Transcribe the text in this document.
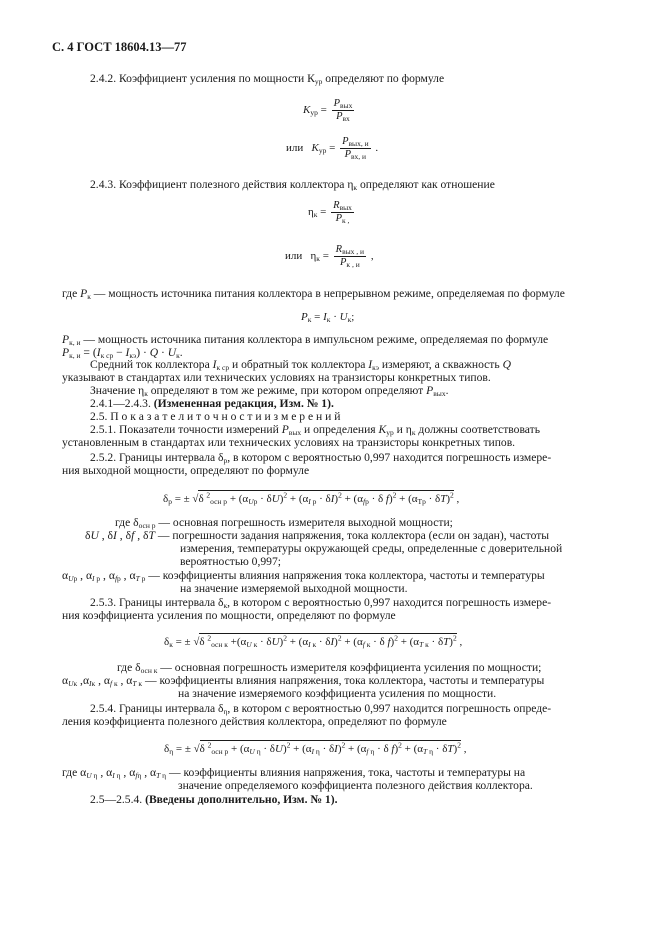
С. 4 ГОСТ 18604.13—77
2.4.2. Коэффициент усиления по мощности $К_{ур}$ определяют по формуле
$K_{ур} = \frac{P_{вых}}{P_{вх}}$
или $K_{ур} = \frac{P_{вых, и}}{P_{вх, и}}$ .
2.4.3. Коэффициент полезного действия коллектора $\eta_к$ определяют как отношение
$\eta_к = \frac{R_{вых}}{P_{к ,}}$
или $\eta_к = \frac{R_{вых , и}}{P_{к , и}}$ ,
где $P_к$ — мощность источника питания коллектора в непрерывном режиме, определяемая по формуле
$P_к = I_к \cdot U_к$;
$P_{к, и}$ — мощность источника питания коллектора в импульсном режиме, определяемая по формуле
$P_{к, и} = (I_{к ср} - I_{кэ}) \cdot Q \cdot U_к$.
Средний ток коллектора $I_{к ср}$ и обратный ток коллектора $I_{кэ}$ измеряют, а скважность Q
указывают в стандартах или технических условиях на транзисторы конкретных типов.
Значение $\eta_к$ определяют в том же режиме, при котором определяют $P_{вых}$.
2.4.1—2.4.3. (Измененная редакция, Изм. № 1).
2.5. П о к а з а т е л и т о ч н о с т и и з м е р е н и й
2.5.1. Показатели точности измерений $P_{вых}$ и определения $K_{ур}$ и $\eta_к$ должны соответствовать
установленным в стандартах или технических условиях на транзисторы конкретных типов.
2.5.2. Границы интервала $\delta_р$, в котором с вероятностью 0,997 находится погрешность измере-
ния выходной мощности, определяют по формуле
$\delta_р$ = ± √δ $^2_{осн р} + (\alpha_{Uр} \cdot \delta U)^2 + (\alpha_{I р} \cdot \delta I)^2 + (\alpha_{fр} \cdot \delta$ $f)^2 + (\alpha_{Tр} \cdot \delta T)^2$ ,
где $\delta_{осн р}$ — основная погрешность измерителя выходной мощности;
δU , δI , δf , δT — погрешности задания напряжения, тока коллектора (если он задан), частоты
измерения, температуры окружающей среды, определенные с доверительной
вероятностью 0,997;
$\alpha_{Uр}$ , $\alpha_{I р}$ , $\alpha_{fр}$ , $\alpha_{T р}$ — коэффициенты влияния напряжения тока коллектора, частоты и температуры
на значение измеряемой выходной мощности.
2.5.3. Границы интервала $\delta_к$, в котором с вероятностью 0,997 находится погрешность измере-
ния коэффициента усиления по мощности, определяют по формуле
$\delta_к$ = ± √δ $^2_{осн к} +(\alpha_{U к} \cdot \delta U)^2 + (\alpha_{I к} \cdot \delta I)^2 + (\alpha_{f к} \cdot \delta$ $f)^2 + (\alpha_{T к} \cdot \delta T)^2$ ,
где $\delta_{осн к}$ — основная погрешность измерителя коэффициента усиления по мощности;
$\alpha_{Uк}$ $,\alpha_{Iк}$ , $\alpha_{f к}$ , $\alpha_{T к}$ — коэффициенты влияния напряжения, тока коллектора, частоты и температуры
на значение измеряемого коэффициента усиления по мощности.
2.5.4. Границы интервала $\delta_\eta$, в котором с вероятностью 0,997 находится погрешность опреде-
ления коэффициента полезного действия коллектора, определяют по формуле
$\delta_\eta$ = ± √δ $^2_{осн р} + (\alpha_{U \eta} \cdot \delta U)^2 + (\alpha_{I \eta} \cdot \delta I)^2 + (\alpha_{f \eta} \cdot \delta$ $f)^2 + (\alpha_{T \eta} \cdot \delta T)^2$ ,
где $\alpha_{U \eta}$ , $\alpha_{I \eta}$ , $\alpha_{f\eta}$ , $\alpha_{T \eta}$ — коэффициенты влияния напряжения, тока, частоты и температуры на
значение определяемого коэффициента полезного действия коллектора.
2.5—2.5.4. (Введены дополнительно, Изм. № 1).
